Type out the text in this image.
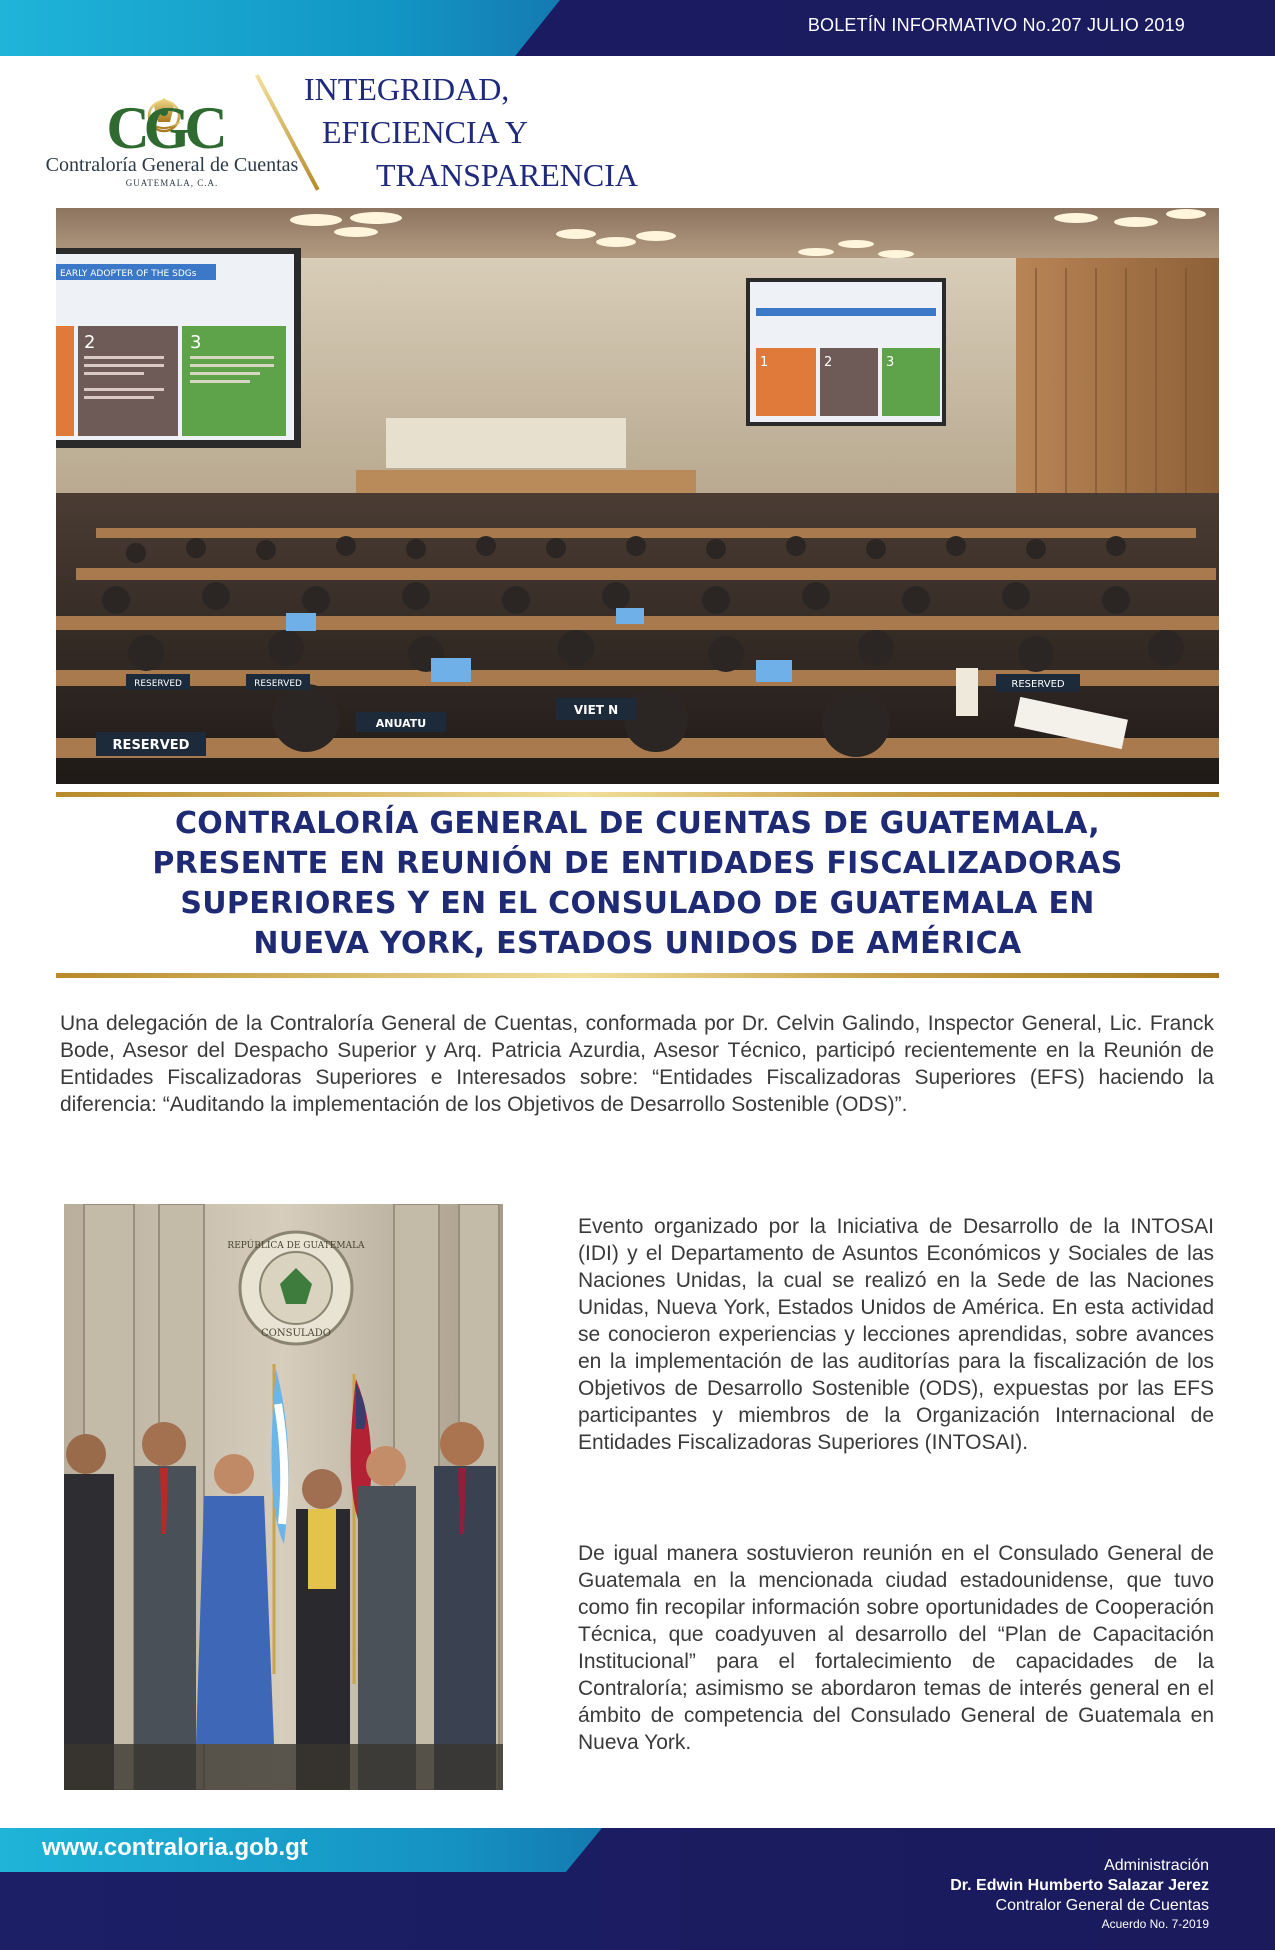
BOLETÍN INFORMATIVO No.207 JULIO 2019
CGC
Contraloría General de Cuentas
GUATEMALA, C.A.
INTEGRIDAD,
EFICIENCIA Y
TRANSPARENCIA
EARLY ADOPTER OF THE SDGs
2	3
1	2	3
RESERVED	RESERVED	RESERVED
RESERVED
VIET N
ANUATU
CONTRALORÍA GENERAL DE CUENTAS DE GUATEMALA,
PRESENTE EN REUNIÓN DE ENTIDADES FISCALIZADORAS
SUPERIORES Y EN EL CONSULADO DE GUATEMALA EN
NUEVA YORK, ESTADOS UNIDOS DE AMÉRICA

Una delegación de la Contraloría General de Cuentas, conformada por Dr. Celvin Galindo, Inspector General, Lic. Franck Bode, Asesor del Despacho Superior y Arq. Patricia Azurdia, Asesor Técnico, participó recientemente en la Reunión de Entidades Fiscalizadoras Superiores e Interesados sobre: “Entidades Fiscalizadoras Superiores (EFS) haciendo la diferencia: “Auditando la implementación de los Objetivos de Desarrollo Sostenible (ODS)”.

REPÚBLICA DE GUATEMALA
CONSULADO

Evento organizado por la Iniciativa de Desarrollo de la INTOSAI (IDI) y el Departamento de Asuntos Económicos y Sociales de las Naciones Unidas, la cual se realizó en la Sede de las Naciones Unidas, Nueva York, Estados Unidos de América. En esta actividad se conocieron experiencias y lecciones aprendidas, sobre avances en la implementación de las auditorías para la fiscalización de los Objetivos de Desarrollo Sostenible (ODS), expuestas por las EFS participantes y miembros de la Organización Internacional de Entidades Fiscalizadoras Superiores (INTOSAI).

De igual manera sostuvieron reunión en el Consulado General de Guatemala en la mencionada ciudad estadounidense, que tuvo como fin recopilar información sobre oportunidades de Cooperación Técnica, que coadyuven al desarrollo del “Plan de Capacitación Institucional” para el fortalecimiento de capacidades de la Contraloría; asimismo se abordaron temas de interés general en el ámbito de competencia del Consulado General de Guatemala en Nueva York.

www.contraloria.gob.gt
Administración
Dr. Edwin Humberto Salazar Jerez
Contralor General de Cuentas
Acuerdo No. 7-2019
